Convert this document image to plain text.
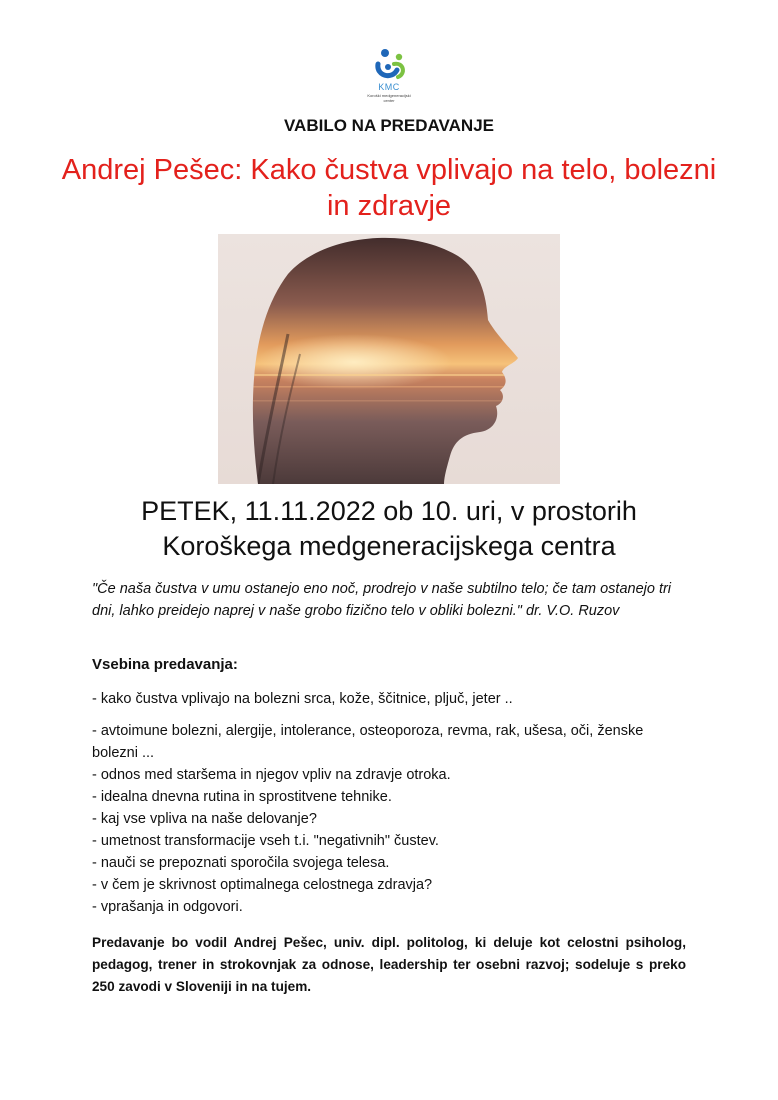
KMC
Koroški medgeneracijski center
VABILO NA PREDAVANJE
Andrej Pešec: Kako čustva vplivajo na telo, bolezni in zdravje
PETEK, 11.11.2022 ob 10. uri, v prostorih
Koroškega medgeneracijskega centra
"Če naša čustva v umu ostanejo eno noč, prodrejo v naše subtilno telo; če tam ostanejo tri dni, lahko preidejo naprej v naše grobo fizično telo v obliki bolezni." dr. V.O. Ruzov
Vsebina predavanja:
- kako čustva vplivajo na bolezni srca, kože, ščitnice, pljuč, jeter ..
- avtoimune bolezni, alergije, intolerance, osteoporoza, revma, rak, ušesa, oči, ženske bolezni ...
- odnos med staršema in njegov vpliv na zdravje otroka.
- idealna dnevna rutina in sprostitvene tehnike.
- kaj vse vpliva na naše delovanje?
- umetnost transformacije vseh t.i. "negativnih" čustev.
- nauči se prepoznati sporočila svojega telesa.
- v čem je skrivnost optimalnega celostnega zdravja?
- vprašanja in odgovori.
Predavanje bo vodil Andrej Pešec, univ. dipl. politolog, ki deluje kot celostni psiholog, pedagog, trener in strokovnjak za odnose, leadership ter osebni razvoj; sodeluje s preko 250 zavodi v Sloveniji in na tujem.
